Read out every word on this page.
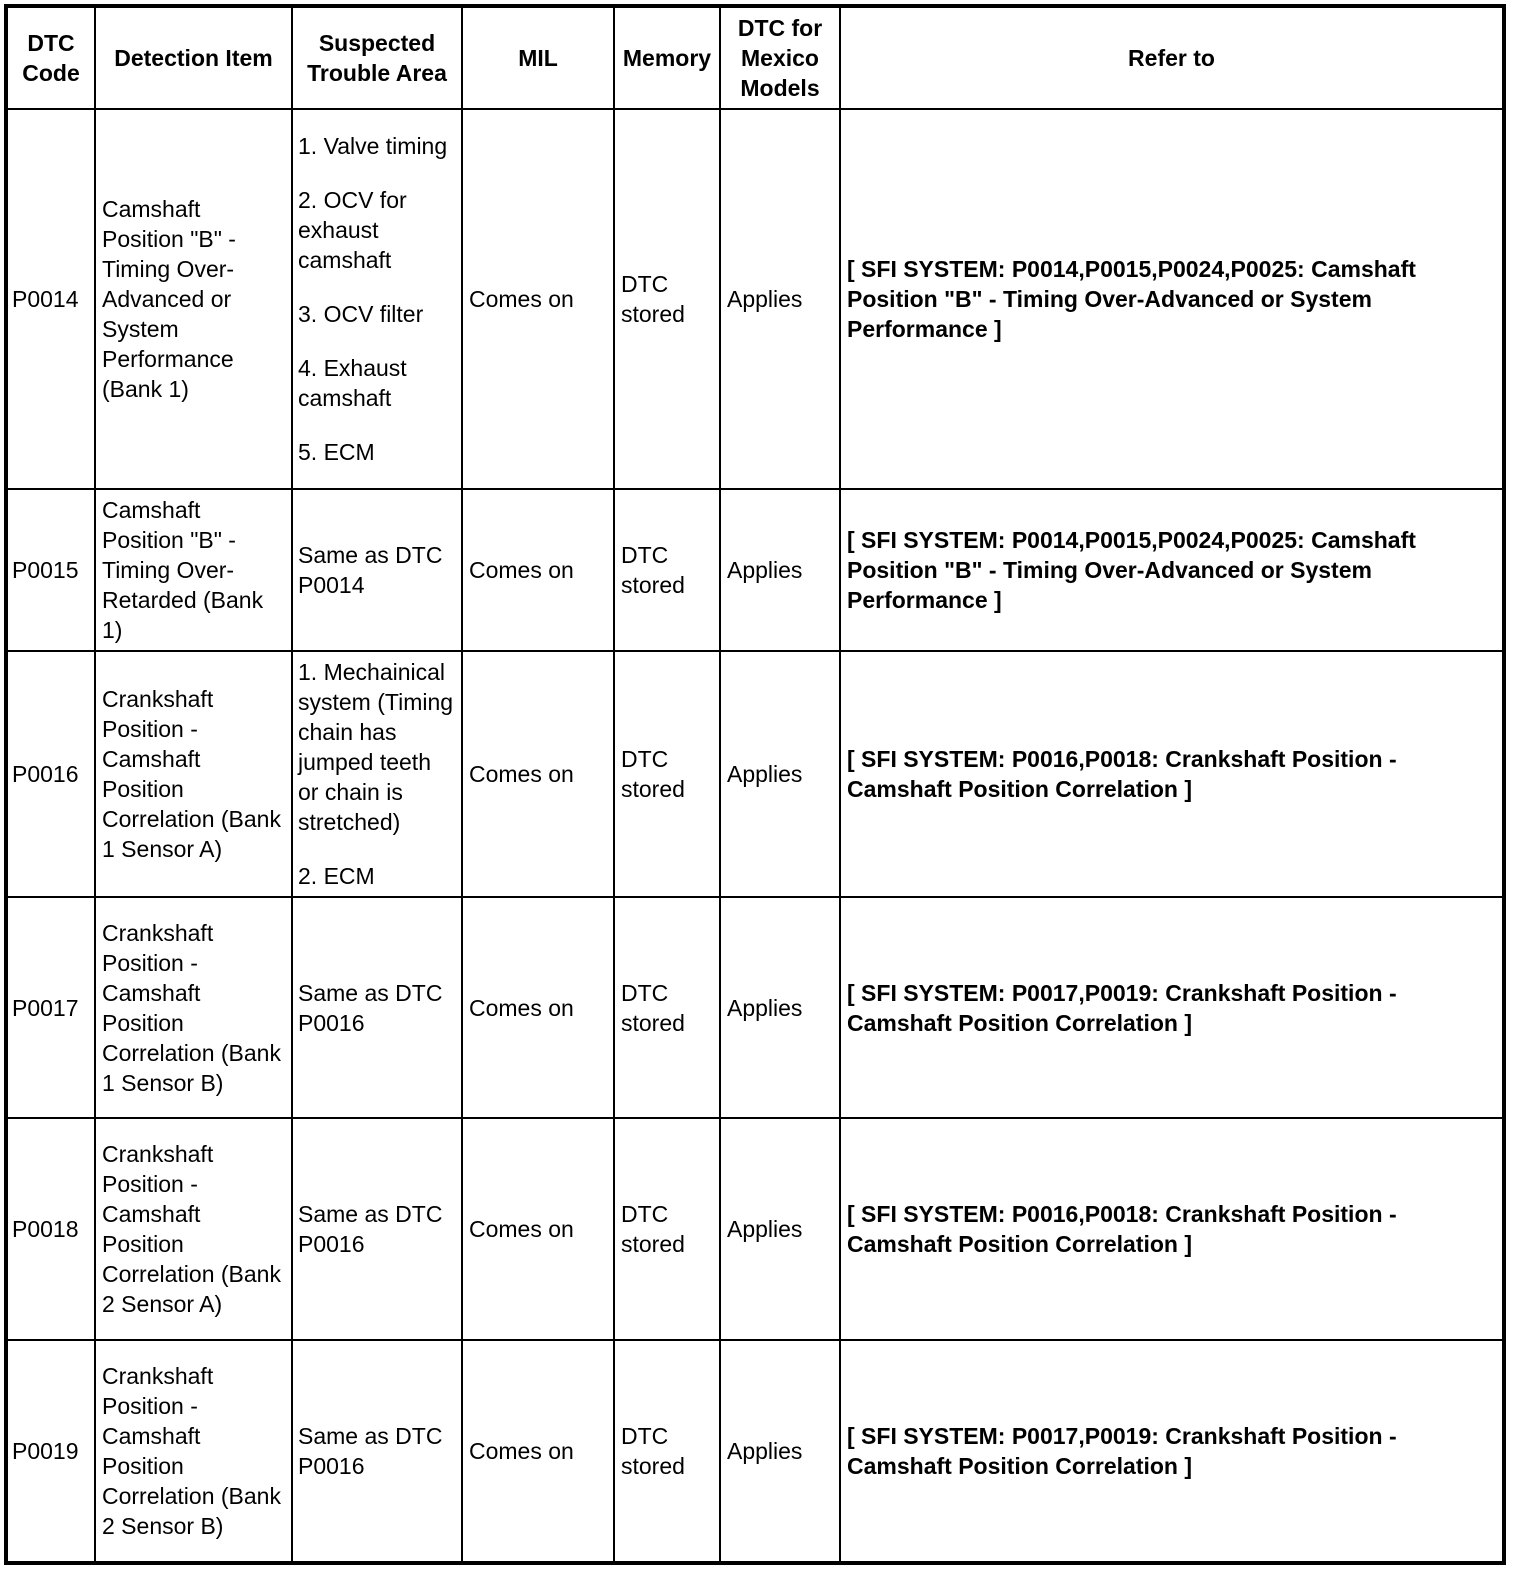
DTC Code	Detection Item	Suspected Trouble Area	MIL	Memory	DTC for Mexico Models	Refer to
P0014	Camshaft Position "B" - Timing Over-Advanced or System Performance (Bank 1)	1. Valve timing
2. OCV for exhaust camshaft
3. OCV filter
4. Exhaust camshaft
5. ECM	Comes on	DTC stored	Applies	[ SFI SYSTEM: P0014,P0015,P0024,P0025: Camshaft Position "B" - Timing Over-Advanced or System Performance ]
P0015	Camshaft Position "B" - Timing Over-Retarded (Bank 1)	Same as DTC P0014	Comes on	DTC stored	Applies	[ SFI SYSTEM: P0014,P0015,P0024,P0025: Camshaft Position "B" - Timing Over-Advanced or System Performance ]
P0016	Crankshaft Position - Camshaft Position Correlation (Bank 1 Sensor A)	1. Mechainical system (Timing chain has jumped teeth or chain is stretched)
2. ECM	Comes on	DTC stored	Applies	[ SFI SYSTEM: P0016,P0018: Crankshaft Position - Camshaft Position Correlation ]
P0017	Crankshaft Position - Camshaft Position Correlation (Bank 1 Sensor B)	Same as DTC P0016	Comes on	DTC stored	Applies	[ SFI SYSTEM: P0017,P0019: Crankshaft Position - Camshaft Position Correlation ]
P0018	Crankshaft Position - Camshaft Position Correlation (Bank 2 Sensor A)	Same as DTC P0016	Comes on	DTC stored	Applies	[ SFI SYSTEM: P0016,P0018: Crankshaft Position - Camshaft Position Correlation ]
P0019	Crankshaft Position - Camshaft Position Correlation (Bank 2 Sensor B)	Same as DTC P0016	Comes on	DTC stored	Applies	[ SFI SYSTEM: P0017,P0019: Crankshaft Position - Camshaft Position Correlation ]
